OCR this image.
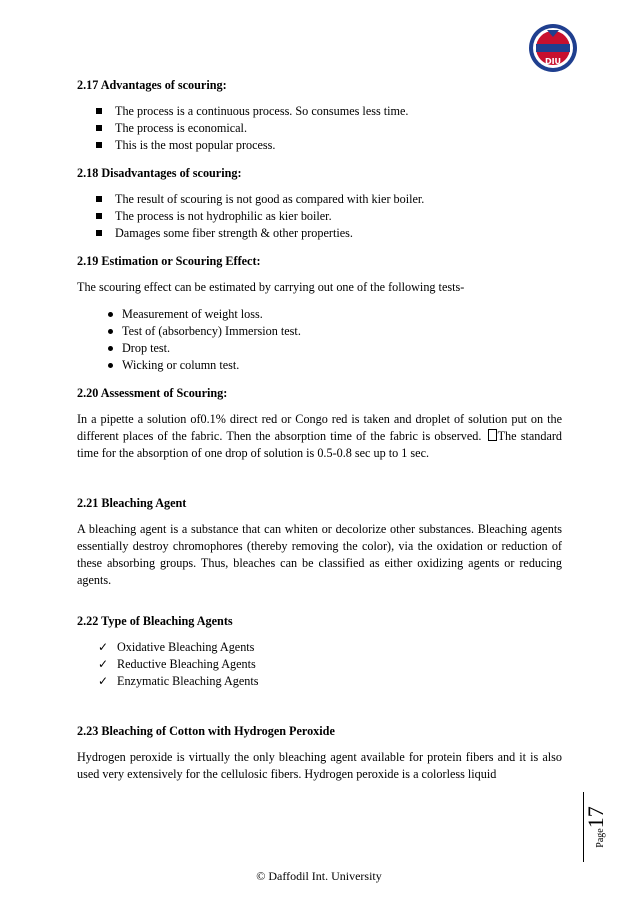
DIU

2.17 Advantages of scouring:

The process is a continuous process. So consumes less time.
The process is economical.
This is the most popular process.

2.18 Disadvantages of scouring:

The result of scouring is not good as compared with kier boiler.
The process is not hydrophilic as kier boiler.
Damages some fiber strength & other properties.

2.19 Estimation or Scouring Effect:

The scouring effect can be estimated by carrying out one of the following tests-

Measurement of weight loss.
Test of (absorbency) Immersion test.
Drop test.
Wicking or column test.

2.20 Assessment of Scouring:

In a pipette a solution of0.1% direct red or Congo red is taken and droplet of solution put on the different places of the fabric. Then the absorption time of the fabric is observed. The standard time for the absorption of one drop of solution is 0.5-0.8 sec up to 1 sec.

2.21 Bleaching Agent

A bleaching agent is a substance that can whiten or decolorize other substances. Bleaching agents essentially destroy chromophores (thereby removing the color), via the oxidation or reduction of these absorbing groups. Thus, bleaches can be classified as either oxidizing agents or reducing agents.

2.22 Type of Bleaching Agents

✓ Oxidative Bleaching Agents
✓ Reductive Bleaching Agents
✓ Enzymatic Bleaching Agents

2.23 Bleaching of Cotton with Hydrogen Peroxide

Hydrogen peroxide is virtually the only bleaching agent available for protein fibers and it is also used very extensively for the cellulosic fibers. Hydrogen peroxide is a colorless liquid

Page17
© Daffodil Int. University
